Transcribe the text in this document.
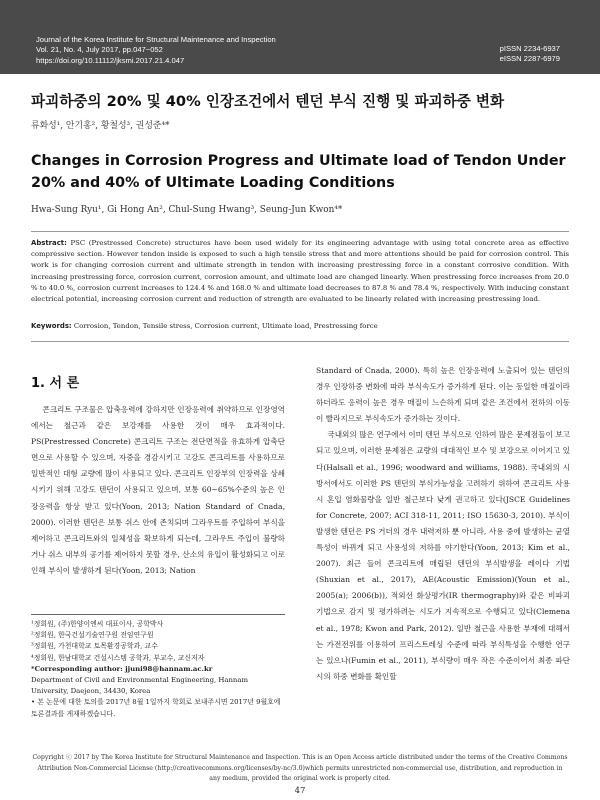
Journal of the Korea Institute for Structural Maintenance and Inspection
Vol. 21, No. 4, July 2017, pp.047~052
https://doi.org/10.11112/jksmi.2017.21.4.047
pISSN 2234-6937
eISSN 2287-6979
파괴하중의 20% 및 40% 인장조건에서 텐던 부식 진행 및 파괴하중 변화
류화성¹, 안기홍², 황철성³, 권성준⁴*
Changes in Corrosion Progress and Ultimate load of Tendon Under 20% and 40% of Ultimate Loading Conditions
Hwa-Sung Ryu¹, Gi Hong An², Chul-Sung Hwang³, Seung-Jun Kwon⁴*
Abstract: PSC (Prestressed Concrete) structures have been used widely for its engineering advantage with using total concrete area as effective compressive section. However tendon inside is exposed to such a high tensile stress that and more attentions should be paid for corrosion control. This work is for changing corrosion current and ultimate strength in tendon with increasing prestressing force in a constant corrosive condition. With increasing prestressing force, corrosion current, corrosion amount, and ultimate load are changed linearly. When prestressing force increases from 20.0 % to 40.0 %, corrosion current increases to 124.4 % and 168.0 % and ultimate load decreases to 87.8 % and 78.4 %, respectively. With inducing constant electrical potential, increasing corrosion current and reduction of strength are evaluated to be linearly related with increasing prestressing load.
Keywords: Corrosion, Tendon, Tensile stress, Corrosion current, Ultimate load, Prestressing force
1. 서 론

콘크리트 구조물은 압축응력에 강하지만 인장응력에 취약하므로 인장영역에서는 철근과 같은 보강재를 사용한 것이 매우 효과적이다. PS(Prestressed Concrete) 콘크리트 구조는 전단면적을 유효하게 압축단면으로 사용할 수 있으며, 자중을 경감시키고 고강도 콘크리트를 사용하므로 일반적인 대형 교량에 많이 사용되고 있다. 콘크리트 인장부의 인장력을 상쇄시키기 위해 고강도 텐던이 사용되고 있으며, 보통 60~65%수준의 높은 인장응력을 항상 받고 있다(Yoon, 2013; Nation Standard of Cnada, 2000). 이러한 텐던은 보통 쉬스 안에 존치되며 그라우트를 주입하여 부식을 제어하고 콘크리트와의 일체성을 확보하게 되는데, 그라우트 주입이 불량하거나 쉬스 내부의 공기를 제어하지 못할 경우, 산소의 유입이 활성화되고 이로 인해 부식이 발생하게 된다(Yoon, 2013; Nation

¹정회원, (주)한양이엔씨 대표이사, 공학박사
²정회원, 한국건설기술연구원 전임연구원
³정회원, 가천대학교 토목환경공학과, 교수
⁴정회원, 한남대학교 건설시스템 공학과, 부교수, 교신저자
*Corresponding author: jjuni98@hannam.ac.kr
Department of Civil and Environmental Engineering, Hannam University, Daejeon, 34430, Korea
• 본 논문에 대한 토의를 2017년 8월 1일까지 학회로 보내주시면 2017년 9월호에 토론결과를 게재하겠습니다.

Standard of Cnada, 2000). 특히 높은 인장응력에 노출되어 있는 텐던의 경우 인장하중 변화에 따라 부식속도가 증가하게 된다. 이는 동일한 매질이라 하더라도 응력이 높은 경우 매질이 느슨하게 되며 같은 조건에서 전하의 이동이 빨라지므로 부식속도가 증가하는 것이다.

국내외의 많은 연구에서 이미 텐던 부식으로 인하여 많은 문제점들이 보고되고 있으며, 이러한 문제점은 교량의 대대적인 보수 및 보강으로 이어지고 있다(Halsall et al., 1996; woodward and williams, 1988). 국내외의 시방서에서도 이러한 PS 텐던의 부식가능성을 고려하기 위하여 콘크리트 사용시 혼입 염화물량을 일반 철근보다 낮게 권고하고 있다(JSCE Guidelines for Concrete, 2007; ACI 318-11, 2011; ISO 15630-3, 2010). 부식이 발생한 텐던은 PS 거더의 경우 내력저하 뿐 아니라, 사용 중에 발생하는 균열특성이 바뀌게 되고 사용성의 저하를 야기한다(Yoon, 2013; Kim et al., 2007). 최근 들어 콘크리트에 매립된 텐던의 부식발생을 레이다 기법(Shuxian et al., 2017), AE(Acoustic Emission)(Youn et al., 2005(a); 2006(b)), 적외선 화상평가(IR thermography)와 같은 비파괴 기법으로 감지 및 평가하려는 시도가 지속적으로 수행되고 있다(Clemena et al., 1978; Kwon and Park, 2012). 일반 철근을 사용한 부재에 대해서는 가전전위를 이용하여 프리스트레싱 수준에 따라 부식특성을 수행한 연구는 있으나(Fumin et al., 2011), 부식량이 매우 작은 수준이어서 최종 파단시의 하중 변화를 확인할

Copyright ⓒ 2017 by The Korea Institute for Structural Maintenance and Inspection. This is an Open Access article distributed under the terms of the Creative Commons Attribution Non-Commercial License (http://creativecommons.org/licenses/by-nc/3.0)which permits unrestricted non-commercial use, distribution, and reproduction in any medium, provided the original work is properly cited.
47
